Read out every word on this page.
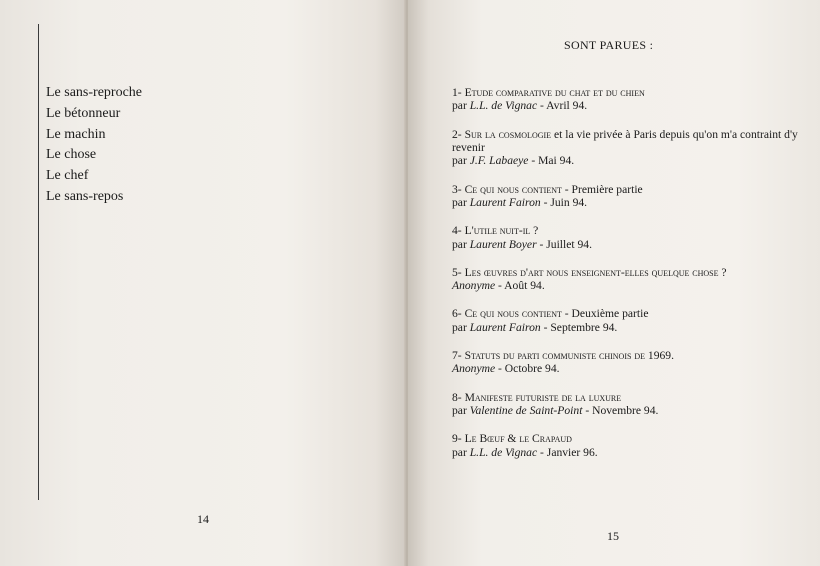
Le sans-reproche
Le bétonneur
Le machin
Le chose
Le chef
Le sans-repos
14
SONT PARUES :
1- Etude comparative du chat et du chien
par L.L. de Vignac - Avril 94.
2- Sur la cosmologie et la vie privée à Paris depuis qu'on m'a contraint d'y revenir
par J.F. Labaeye - Mai 94.
3- Ce qui nous contient - Première partie
par Laurent Fairon - Juin 94.
4- L'utile nuit-il ?
par Laurent Boyer - Juillet 94.
5- Les œuvres d'art nous enseignent-elles quelque chose ?
Anonyme - Août 94.
6- Ce qui nous contient - Deuxième partie
par Laurent Fairon - Septembre 94.
7- Statuts du parti communiste chinois de 1969.
Anonyme - Octobre 94.
8- Manifeste futuriste de la luxure
par Valentine de Saint-Point - Novembre 94.
9- Le Bœuf & le Crapaud
par L.L. de Vignac - Janvier 96.
15
